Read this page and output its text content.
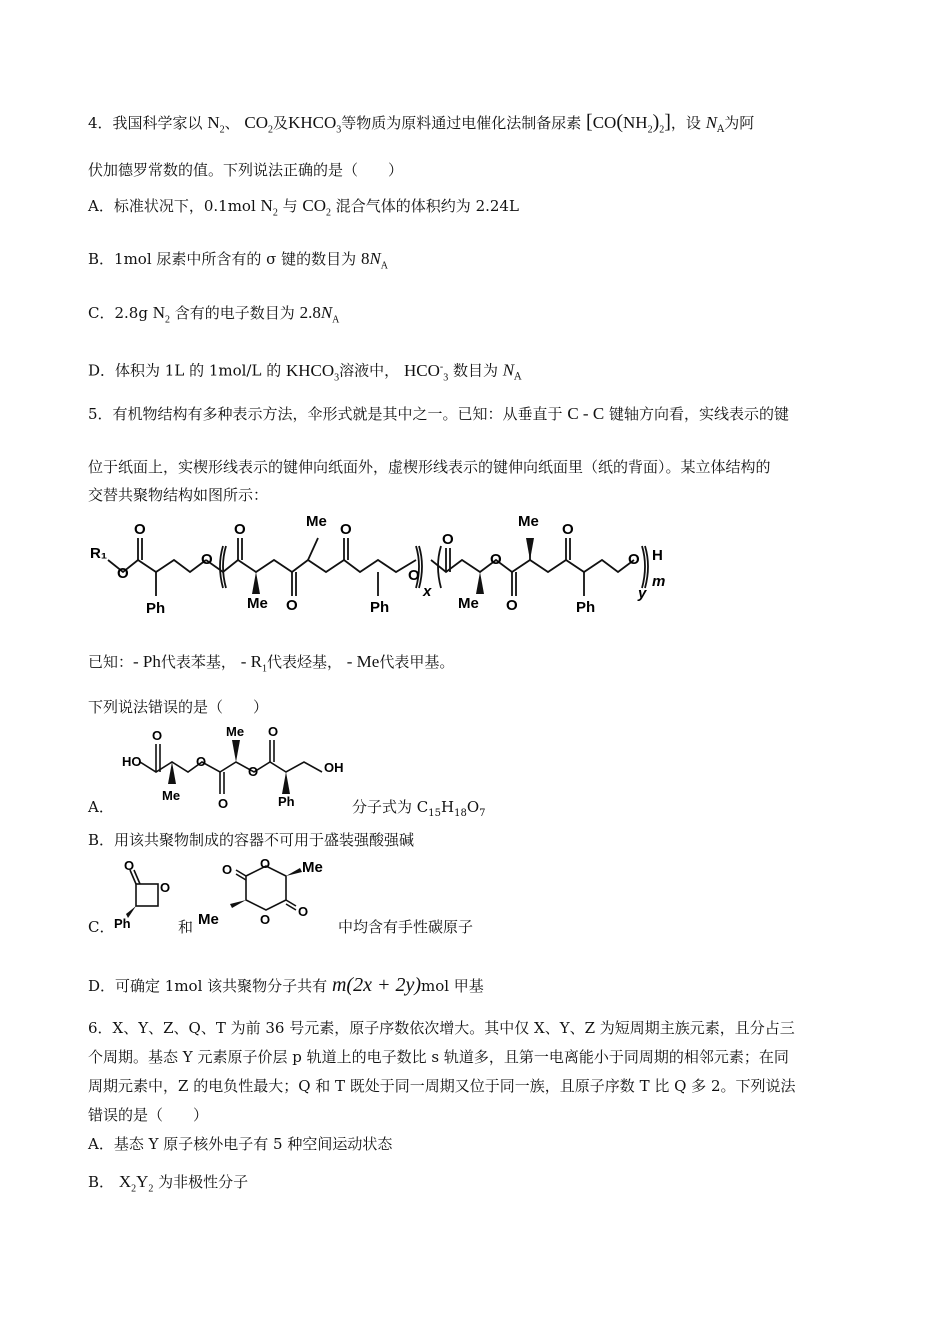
4．我国科学家以 $N_2$、 $CO_2$及$KHCO_3$等物质为原料通过电催化法制备尿素 $[CO(NH_2)_2]$，设 $N_A$为阿
伏加德罗常数的值。下列说法正确的是（　　）
A．标准状况下，0.1mol $N_2$ 与 $CO_2$ 混合气体的体积约为 2.24L
B．1mol 尿素中所含有的 σ 键的数目为 $8N_A$
C．2.8g $N_2$ 含有的电子数目为 $2.8N_A$
D．体积为 1L 的 1mol/L 的 $KHCO_3$溶液中， $HCO^-_3$ 数目为 $N_A$
5．有机物结构有多种表示方法，伞形式就是其中之一。已知：从垂直于 C - C 键轴方向看，实线表示的键
位于纸面上，实楔形线表示的键伸向纸面外，虚楔形线表示的键伸向纸面里（纸的背面）。某立体结构的
交替共聚物结构如图所示：
R₁
O
O
O
O
O
O
Me
Me
Ph	Ph
O
x
O
O
O
Me
Me
O
Ph
O
y
H
m
已知：- Ph代表苯基， - $R_1$代表烃基， - Me代表甲基。
下列说法错误的是（　　）
A．
HO
O
Me
O
O
Me
O
O
Ph
OH
分子式为 $C_{15}H_{18}O_7$
B．用该共聚物制成的容器不可用于盛装强酸强碱
C．
O
O
Ph	和
O O
O
O
Me
Me	中均含有手性碳原子
D．可确定 1mol 该共聚物分子共有 m(2x + 2y)mol 甲基
6．X、Y、Z、Q、T 为前 36 号元素，原子序数依次增大。其中仅 X、Y、Z 为短周期主族元素，且分占三
个周期。基态 Y 元素原子价层 p 轨道上的电子数比 s 轨道多，且第一电离能小于同周期的相邻元素；在同
周期元素中，Z 的电负性最大；Q 和 T 既处于同一周期又位于同一族，且原子序数 T 比 Q 多 2。下列说法
错误的是（　　）
A．基态 Y 原子核外电子有 5 种空间运动状态
B． $X_2Y_2$ 为非极性分子
